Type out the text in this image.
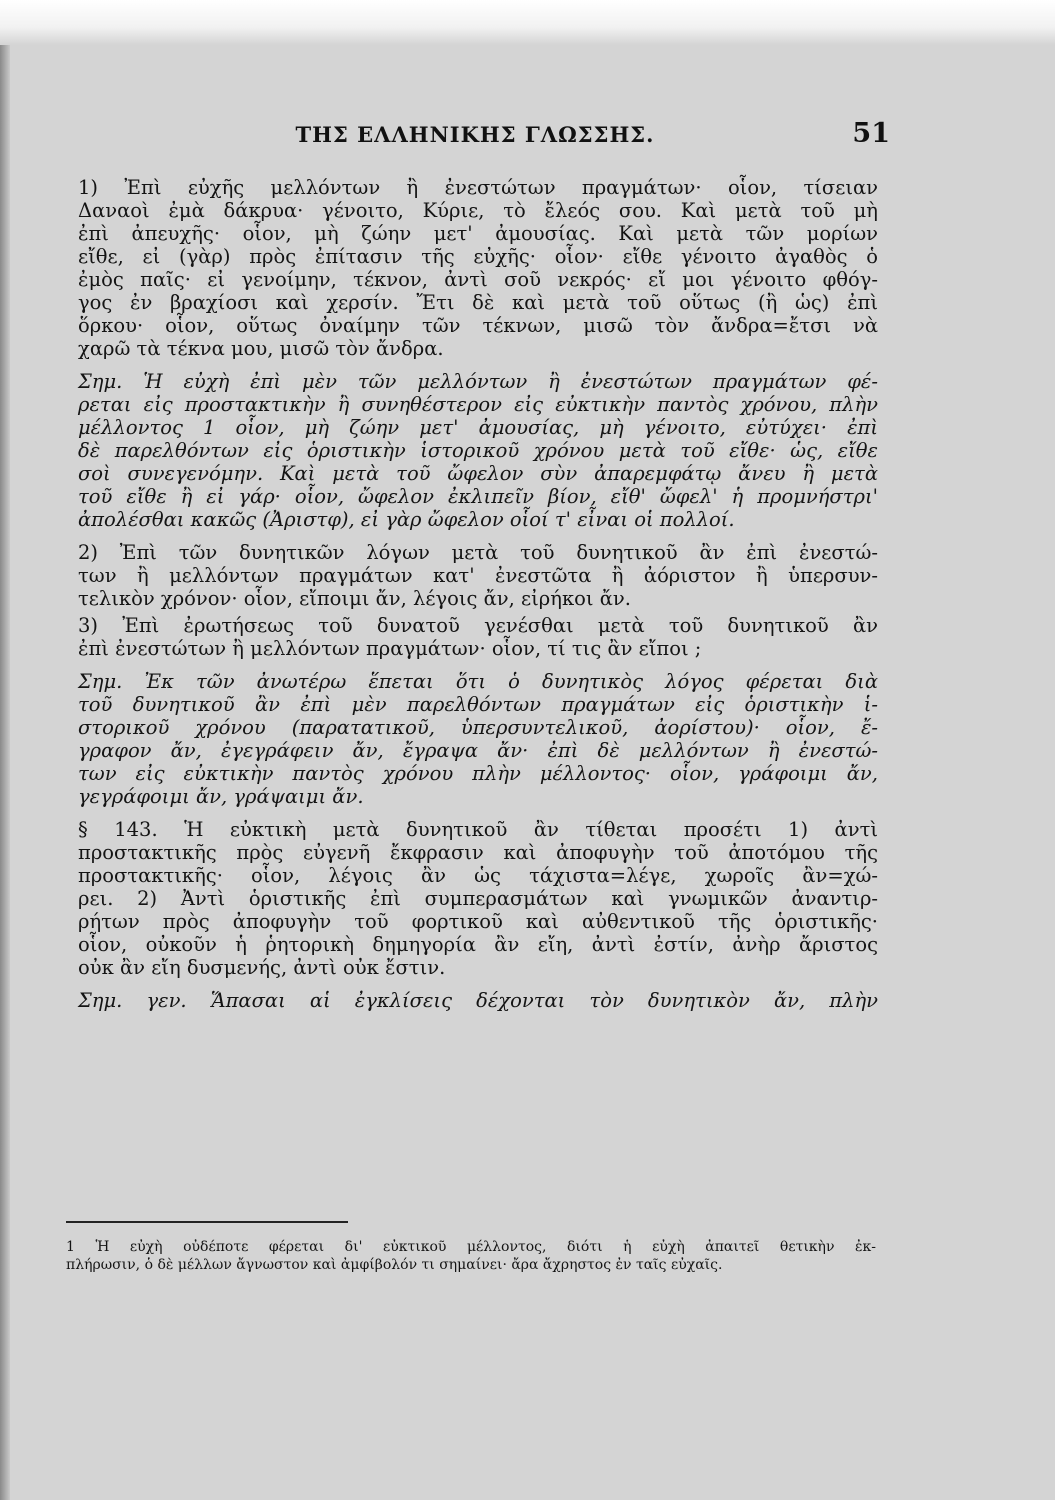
ΤΗΣ ΕΛΛΗΝΙΚΗΣ ΓΛΩΣΣΗΣ.	51
1) Ἐπὶ εὐχῆς μελλόντων ἢ ἐνεστώτων πραγμάτων· οἷον, τίσειαν
Δαναοὶ ἐμὰ δάκρυα· γένοιτο, Κύριε, τὸ ἔλεός σου. Καὶ μετὰ τοῦ μὴ
ἐπὶ ἀπευχῆς· οἷον, μὴ ζώην μετ' ἀμουσίας. Καὶ μετὰ τῶν μορίων
εἴθε, εἰ (γὰρ) πρὸς ἐπίτασιν τῆς εὐχῆς· οἷον· εἴθε γένοιτο ἀγαθὸς ὁ
ἐμὸς παῖς· εἰ γενοίμην, τέκνον, ἀντὶ σοῦ νεκρός· εἴ μοι γένοιτο φθόγ-
γος ἐν βραχίοσι καὶ χερσίν. Ἔτι δὲ καὶ μετὰ τοῦ οὕτως (ἢ ὡς) ἐπὶ
ὅρκου· οἷον, οὕτως ὀναίμην τῶν τέκνων, μισῶ τὸν ἄνδρα=ἔτσι νὰ
χαρῶ τὰ τέκνα μου, μισῶ τὸν ἄνδρα.
Σημ. Ἡ εὐχὴ ἐπὶ μὲν τῶν μελλόντων ἢ ἐνεστώτων πραγμάτων φέ-
ρεται εἰς προστακτικὴν ἢ συνηθέστερον εἰς εὐκτικὴν παντὸς χρόνου, πλὴν
μέλλοντος 1 οἷον, μὴ ζώην μετ' ἀμουσίας, μὴ γένοιτο, εὐτύχει· ἐπὶ
δὲ παρελθόντων εἰς ὁριστικὴν ἱστορικοῦ χρόνου μετὰ τοῦ εἴθε· ὡς, εἴθε
σοὶ συνεγενόμην. Καὶ μετὰ τοῦ ὤφελον σὺν ἀπαρεμφάτῳ ἄνευ ἢ μετὰ
τοῦ εἴθε ἢ εἰ γάρ· οἷον, ὤφελον ἐκλιπεῖν βίον, εἴθ' ὤφελ' ἡ προμνήστρι'
ἀπολέσθαι κακῶς (Ἀριστφ), εἰ γὰρ ὤφελον οἷοί τ' εἶναι οἱ πολλοί.
2) Ἐπὶ τῶν δυνητικῶν λόγων μετὰ τοῦ δυνητικοῦ ἂν ἐπὶ ἐνεστώ-
των ἢ μελλόντων πραγμάτων κατ' ἐνεστῶτα ἢ ἀόριστον ἢ ὑπερσυν-
τελικὸν χρόνον· οἷον, εἴποιμι ἄν, λέγοις ἄν, εἰρήκοι ἄν.
3) Ἐπὶ ἐρωτήσεως τοῦ δυνατοῦ γενέσθαι μετὰ τοῦ δυνητικοῦ ἂν
ἐπὶ ἐνεστώτων ἢ μελλόντων πραγμάτων· οἷον, τί τις ἂν εἴποι ;
Σημ. Ἐκ τῶν ἀνωτέρω ἕπεται ὅτι ὁ δυνητικὸς λόγος φέρεται διὰ
τοῦ δυνητικοῦ ἂν ἐπὶ μὲν παρελθόντων πραγμάτων εἰς ὁριστικὴν ἱ-
στορικοῦ χρόνου (παρατατικοῦ, ὑπερσυντελικοῦ, ἀορίστου)· οἷον, ἔ-
γραφον ἄν, ἐγεγράφειν ἄν, ἔγραψα ἄν· ἐπὶ δὲ μελλόντων ἢ ἐνεστώ-
των εἰς εὐκτικὴν παντὸς χρόνου πλὴν μέλλοντος· οἷον, γράφοιμι ἄν,
γεγράφοιμι ἄν, γράψαιμι ἄν.
§ 143. Ἡ εὐκτικὴ μετὰ δυνητικοῦ ἂν τίθεται προσέτι 1) ἀντὶ
προστακτικῆς πρὸς εὐγενῆ ἔκφρασιν καὶ ἀποφυγὴν τοῦ ἀποτόμου τῆς
προστακτικῆς· οἷον, λέγοις ἂν ὡς τάχιστα=λέγε, χωροῖς ἂν=χώ-
ρει. 2) Ἀντὶ ὁριστικῆς ἐπὶ συμπερασμάτων καὶ γνωμικῶν ἀναντιρ-
ρήτων πρὸς ἀποφυγὴν τοῦ φορτικοῦ καὶ αὐθεντικοῦ τῆς ὁριστικῆς·
οἷον, οὐκοῦν ἡ ῥητορικὴ δημηγορία ἂν εἴη, ἀντὶ ἐστίν, ἀνὴρ ἄριστος
οὐκ ἂν εἴη δυσμενής, ἀντὶ οὐκ ἔστιν.
Σημ. γεν. Ἅπασαι αἱ ἐγκλίσεις δέχονται τὸν δυνητικὸν ἄν, πλὴν
1 Ἡ εὐχὴ οὐδέποτε φέρεται δι' εὐκτικοῦ μέλλοντος, διότι ἡ εὐχὴ ἀπαιτεῖ θετικὴν ἐκ-
πλήρωσιν, ὁ δὲ μέλλων ἄγνωστον καὶ ἀμφίβολόν τι σημαίνει· ἄρα ἄχρηστος ἐν ταῖς εὐχαῖς.
